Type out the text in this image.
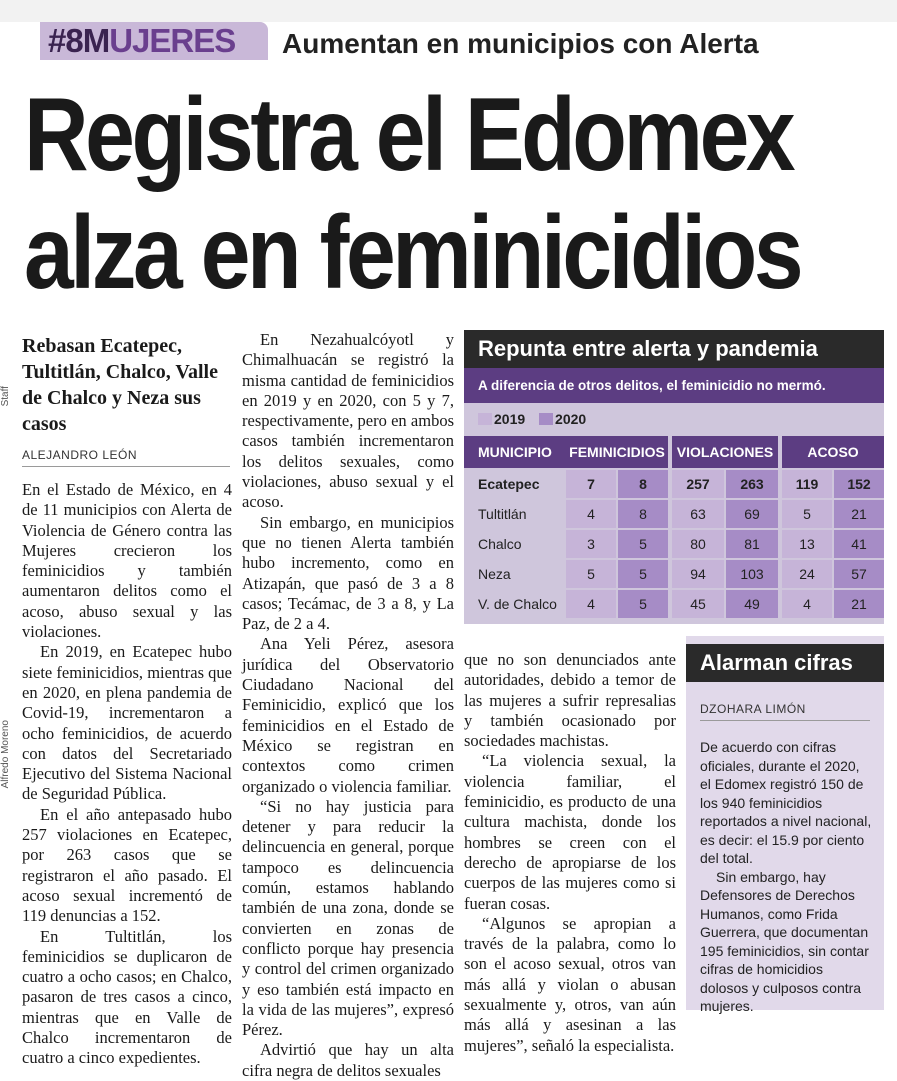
#8MUJERES Aumentan en municipios con Alerta
Registra el Edomex
alza en feminicidios
Staff
Alfredo Moreno
Rebasan Ecatepec, Tultitlán, Chalco, Valle de Chalco y Neza sus casos
ALEJANDRO LEÓN

En el Estado de México, en 4 de 11 municipios con Alerta de Violencia de Género contra las Mujeres crecieron los feminicidios y también aumentaron delitos como el acoso, abuso sexual y las violaciones.

En 2019, en Ecatepec hubo siete feminicidios, mientras que en 2020, en plena pandemia de Covid-19, incrementaron a ocho feminicidios, de acuerdo con datos del Secretariado Ejecutivo del Sistema Nacional de Seguridad Pública.

En el año antepasado hubo 257 violaciones en Ecatepec, por 263 casos que se registraron el año pasado. El acoso sexual incrementó de 119 denuncias a 152.

En Tultitlán, los feminicidios se duplicaron de cuatro a ocho casos; en Chalco, pasaron de tres casos a cinco, mientras que en Valle de Chalco incrementaron de cuatro a cinco expedientes.

En Nezahualcóyotl y Chimalhuacán se registró la misma cantidad de feminicidios en 2019 y en 2020, con 5 y 7, respectivamente, pero en ambos casos también incrementaron los delitos sexuales, como violaciones, abuso sexual y el acoso.

Sin embargo, en municipios que no tienen Alerta también hubo incremento, como en Atizapán, que pasó de 3 a 8 casos; Tecámac, de 3 a 8, y La Paz, de 2 a 4.

Ana Yeli Pérez, asesora jurídica del Observatorio Ciudadano Nacional del Feminicidio, explicó que los feminicidios en el Estado de México se registran en contextos como crimen organizado o violencia familiar.

“Si no hay justicia para detener y para reducir la delincuencia en general, porque tampoco es delincuencia común, estamos hablando también de una zona, donde se convierten en zonas de conflicto porque hay presencia y control del crimen organizado y eso también está impacto en la vida de las mujeres”, expresó Pérez.

Advirtió que hay un alta cifra negra de delitos sexuales

que no son denunciados ante autoridades, debido a temor de las mujeres a sufrir represalias y también ocasionado por sociedades machistas.

“La violencia sexual, la violencia familiar, el feminicidio, es producto de una cultura machista, donde los hombres se creen con el derecho de apropiarse de los cuerpos de las mujeres como si fueran cosas.

“Algunos se apropian a través de la palabra, como lo son el acoso sexual, otros van más allá y violan o abusan sexualmente y, otros, van aún más allá y asesinan a las mujeres”, señaló la especialista.

Repunta entre alerta y pandemia
A diferencia de otros delitos, el feminicidio no mermó.
2019 2020
MUNICIPIO	FEMINICIDIOS VIOLACIONES	ACOSO
Ecatepec	7	8	257	263	119	152
Tultitlán	4	8	63	69	5	21
Chalco	3	5	80	81	13	41
Neza	5	5	94	103	24	57
V. de Chalco	4	5	45	49	4	21
Alarman cifras
DZOHARA LIMÓN

De acuerdo con cifras oficiales, durante el 2020, el Edomex registró 150 de los 940 feminicidios reportados a nivel nacional, es decir: el 15.9 por ciento del total.

Sin embargo, hay Defensores de Derechos Humanos, como Frida Guerrera, que documentan 195 feminicidios, sin contar cifras de homicidios dolosos y culposos contra mujeres.
